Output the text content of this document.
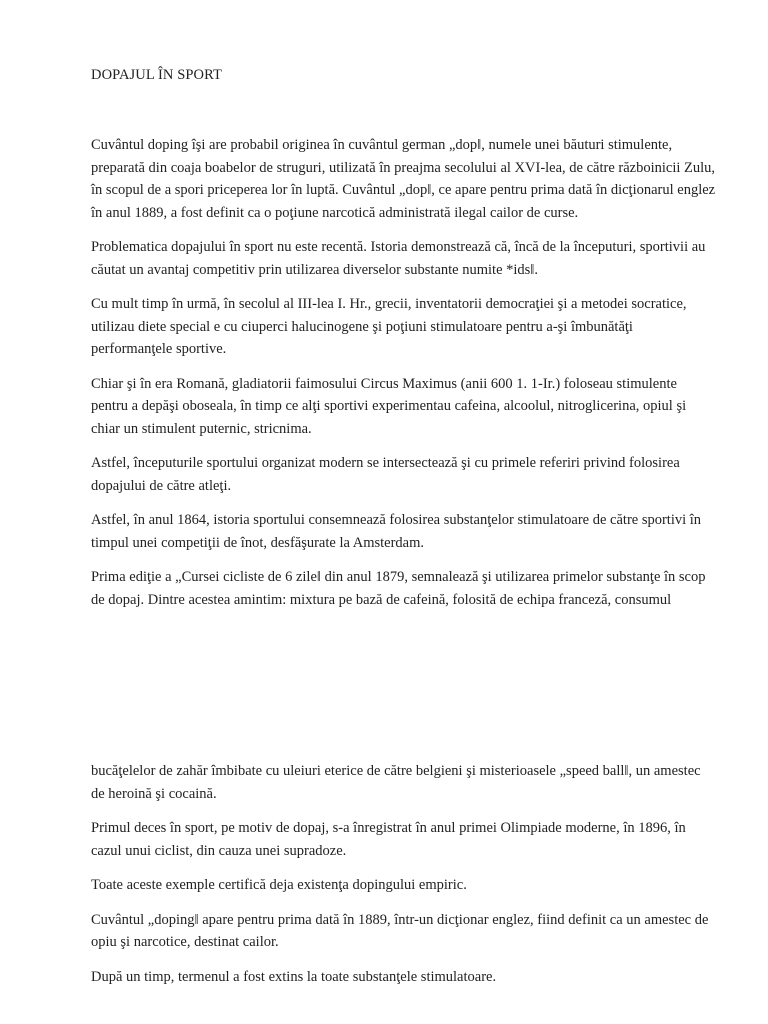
DOPAJUL ÎN SPORT

Cuvântul doping îşi are probabil originea în cuvântul german „dop‖, numele unei băuturi stimulente,
preparată din coaja boabelor de struguri, utilizată în preajma secolului al XVI-lea, de către războinicii Zulu,
în scopul de a spori priceperea lor în luptă. Cuvântul „dop‖, ce apare pentru prima dată în dicţionarul englez
în anul 1889, a fost definit ca o poţiune narcotică administrată ilegal cailor de curse.

Problematica dopajului în sport nu este recentă. Istoria demonstrează că, încă de la începuturi, sportivii au
căutat un avantaj competitiv prin utilizarea diverselor substante numite *ids‖.

Cu mult timp în urmă, în secolul al III-lea I. Hr., grecii, inventatorii democraţiei şi a metodei socratice,
utilizau diete special e cu ciuperci halucinogene şi poţiuni stimulatoare pentru a-şi îmbunătăţi
performanţele sportive.

Chiar şi în era Romană, gladiatorii faimosului Circus Maximus (anii 600 1. 1-Ir.) foloseau stimulente
pentru a depăşi oboseala, în timp ce alţi sportivi experimentau cafeina, alcoolul, nitroglicerina, opiul şi
chiar un stimulent puternic, stricnima.

Astfel, începuturile sportului organizat modern se intersectează şi cu primele referiri privind folosirea
dopajului de către atleţi.

Astfel, în anul 1864, istoria sportului consemnează folosirea substanţelor stimulatoare de către sportivi în
timpul unei competiţii de înot, desfăşurate la Amsterdam.

Prima ediţie a „Cursei cicliste de 6 zile‖ din anul 1879, semnalează şi utilizarea primelor substanţe în scop
de dopaj. Dintre acestea amintim: mixtura pe bază de cafeină, folosită de echipa franceză, consumul

bucăţelelor de zahăr îmbibate cu uleiuri eterice de către belgieni şi misterioasele „speed ball‖, un amestec
de heroină şi cocaină.

Primul deces în sport, pe motiv de dopaj, s-a înregistrat în anul primei Olimpiade moderne, în 1896, în
cazul unui ciclist, din cauza unei supradoze.

Toate aceste exemple certifică deja existenţa dopingului empiric.

Cuvântul „doping‖ apare pentru prima dată în 1889, într-un dicţionar englez, fiind definit ca un amestec de
opiu şi narcotice, destinat cailor.

După un timp, termenul a fost extins la toate substanţele stimulatoare.
